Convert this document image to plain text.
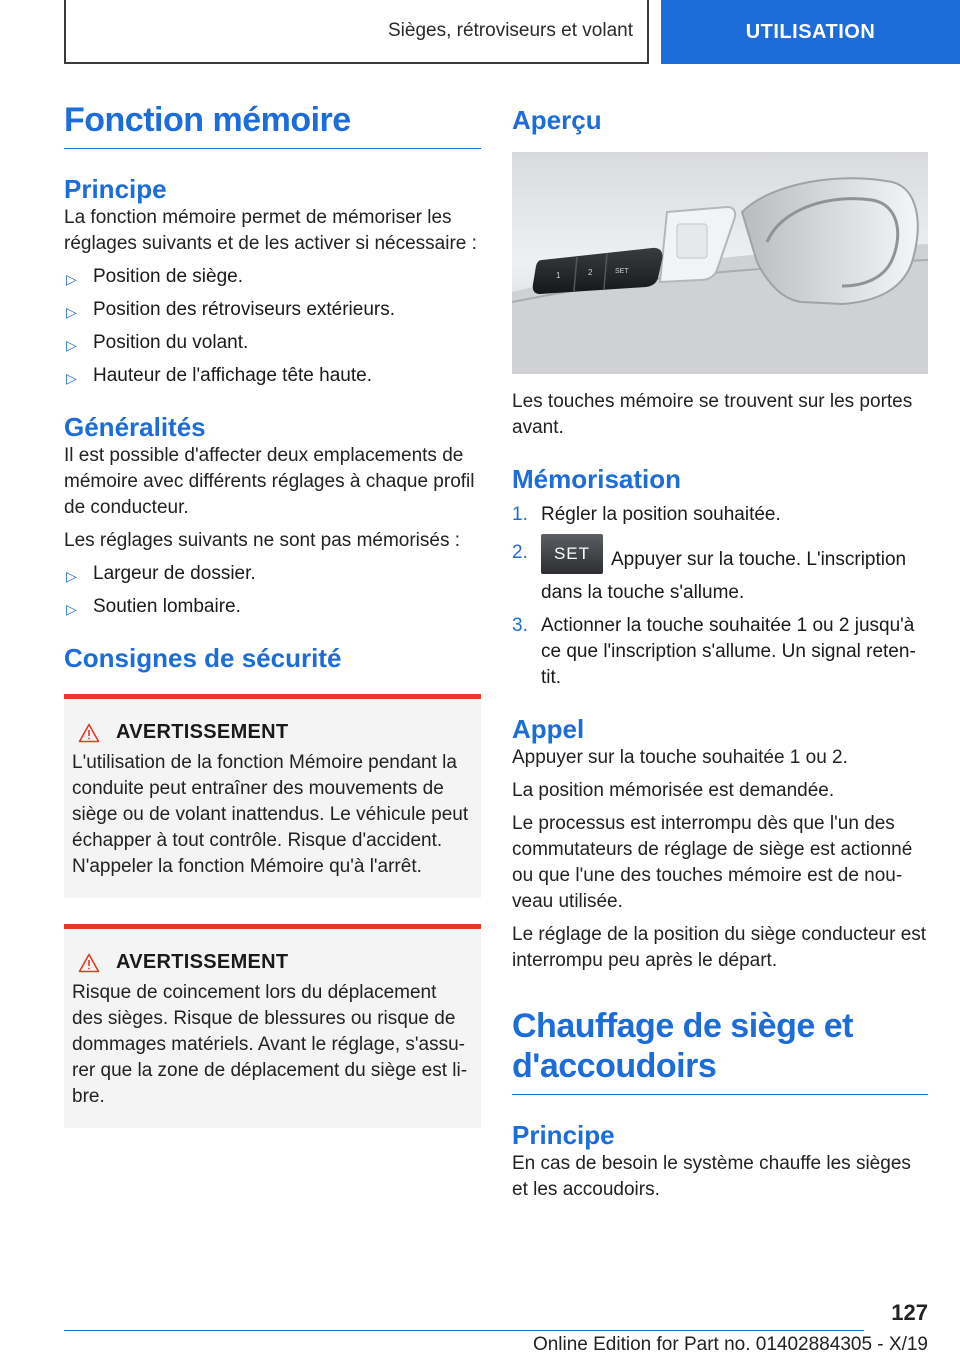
Sièges, rétroviseurs et volant	UTILISATION
Fonction mémoire
Principe

La fonction mémoire permet de mémoriser les réglages suivants et de les activer si nécessaire :

▷ Position de siège.
▷ Position des rétroviseurs extérieurs.
▷ Position du volant.
▷ Hauteur de l'affichage tête haute.
Généralités

Il est possible d'affecter deux emplacements de mémoire avec différents réglages à chaque profil de conducteur.

Les réglages suivants ne sont pas mémorisés :

▷ Largeur de dossier.
▷ Soutien lombaire.
Consignes de sécurité
AVERTISSEMENT

L'utilisation de la fonction Mémoire pendant la conduite peut entraîner des mouvements de siège ou de volant inattendus. Le véhicule peut échapper à tout contrôle. Risque d'accident. N'appeler la fonction Mémoire qu'à l'arrêt.

AVERTISSEMENT

Risque de coincement lors du déplacement des sièges. Risque de blessures ou risque de dommages matériels. Avant le réglage, s'assurer que la zone de déplacement du siège est libre.

Aperçu
1	2	SET

Les touches mémoire se trouvent sur les portes avant.

Mémorisation
1. Régler la position souhaitée.
2. SET Appuyer sur la touche. L'inscription dans la touche s'allume.
3. Actionner la touche souhaitée 1 ou 2 jusqu'à ce que l'inscription s'allume. Un signal retentit.
Appel

Appuyer sur la touche souhaitée 1 ou 2.

La position mémorisée est demandée.

Le processus est interrompu dès que l'un des commutateurs de réglage de siège est actionné ou que l'une des touches mémoire est de nouveau utilisée.

Le réglage de la position du siège conducteur est interrompu peu après le départ.

Chauffage de siège et d'accoudoirs
Principe

En cas de besoin le système chauffe les sièges et les accoudoirs.

127
Online Edition for Part no. 01402884305 - X/19
